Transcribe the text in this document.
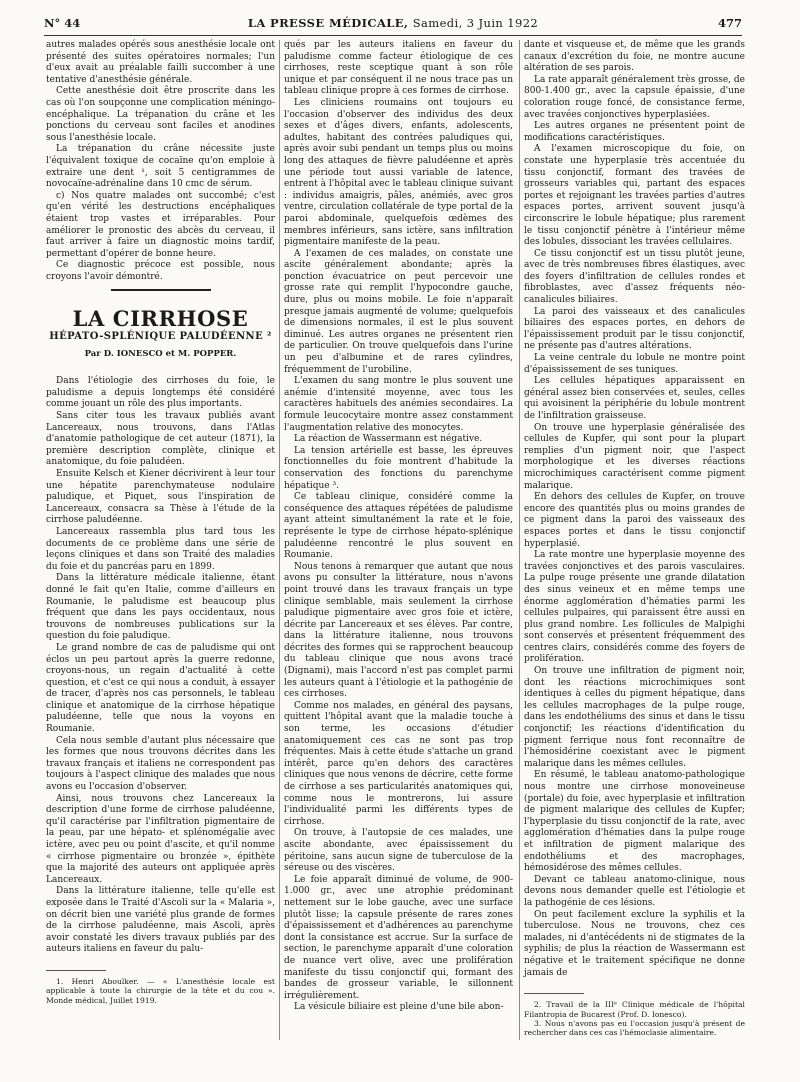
N° 44	LA PRESSE MÉDICALE, Samedi, 3 Juin 1922	477

autres malades opérés sous anesthésie locale ont présenté des suites opératoires normales; l'un d'eux avait au préalable failli succomber à une tentative d'anesthésie générale.

Cette anesthésie doit être proscrite dans les cas où l'on soupçonne une complication méningo-encéphalique. La trépanation du crâne et les ponctions du cerveau sont faciles et anodines sous l'anesthésie locale.

La trépanation du crâne nécessite juste l'équivalent toxique de cocaïne qu'on emploie à extraire une dent ¹, soit 5 centigrammes de novocaïne-adrénaline dans 10 cmc de sérum.

c) Nos quatre malades ont succombé; c'est qu'en vérité les destructions encéphaliques étaient trop vastes et irréparables. Pour améliorer le pronostic des abcès du cerveau, il faut arriver à faire un diagnostic moins tardif, permettant d'opérer de bonne heure.

Ce diagnostic précoce est possible, nous croyons l'avoir démontré.

LA CIRRHOSE

HÉPATO-SPLÉNIQUE PALUDÉENNE ²

Par D. IONESCO et M. POPPER.

Dans l'étiologie des cirrhoses du foie, le paludisme a depuis longtemps été considéré comme jouant un rôle des plus importants.

Sans citer tous les travaux publiés avant Lancereaux, nous trouvons, dans l'Atlas d'anatomie pathologique de cet auteur (1871), la première description complète, clinique et anatomique, du foie paludéen.

Ensuite Kelsch et Kiener décrivirent à leur tour une hépatite parenchymateuse nodulaire paludique, et Piquet, sous l'inspiration de Lancereaux, consacra sa Thèse à l'étude de la cirrhose paludéenne.

Lancereaux rassembla plus tard tous les documents de ce problème dans une série de leçons cliniques et dans son Traité des maladies du foie et du pancréas paru en 1899.

Dans la littérature médicale italienne, étant donné le fait qu'en Italie, comme d'ailleurs en Roumanie, le paludisme est beaucoup plus fréquent que dans les pays occidentaux, nous trouvons de nombreuses publications sur la question du foie paludique.

Le grand nombre de cas de paludisme qui ont éclos un peu partout après la guerre redonne, croyons-nous, un regain d'actualité à cette question, et c'est ce qui nous a conduit, à essayer de tracer, d'après nos cas personnels, le tableau clinique et anatomique de la cirrhose hépatique paludéenne, telle que nous la voyons en Roumanie.

Cela nous semble d'autant plus nécessaire que les formes que nous trouvons décrites dans les travaux français et italiens ne correspondent pas toujours à l'aspect clinique des malades que nous avons eu l'occasion d'observer.

Ainsi, nous trouvons chez Lancereaux la description d'une forme de cirrhose paludéenne, qu'il caractérise par l'infiltration pigmentaire de la peau, par une hépato- et splénomégalie avec ictère, avec peu ou point d'ascite, et qu'il nomme « cirrhose pigmentaire ou bronzée », épithète que la majorité des auteurs ont appliquée après Lancereaux.

Dans la littérature italienne, telle qu'elle est exposée dans le Traité d'Ascoli sur la « Malaria », on décrit bien une variété plus grande de formes de la cirrhose paludéenne, mais Ascoli, après avoir constaté les divers travaux publiés par des auteurs italiens en faveur du palu-

1. Henri Aboulker. — « L'anesthésie locale est applicable à toute la chirurgie de la tête et du cou ». Monde médical, Juillet 1919.

qués par les auteurs italiens en faveur du paludisme comme facteur étiologique de ces cirrhoses, reste sceptique quant à son rôle unique et par conséquent il ne nous trace pas un tableau clinique propre à ces formes de cirrhose.

Les cliniciens roumains ont toujours eu l'occasion d'observer des individus des deux sexes et d'âges divers, enfants, adolescents, adultes, habitant des contrées paludiques qui, après avoir subi pendant un temps plus ou moins long des attaques de fièvre paludéenne et après une période tout aussi variable de latence, entrent à l'hôpital avec le tableau clinique suivant : individus amaigris, pâles, anémiés, avec gros ventre, circulation collatérale de type portal de la paroi abdominale, quelquefois œdèmes des membres inférieurs, sans ictère, sans infiltration pigmentaire manifeste de la peau.

A l'examen de ces malades, on constate une ascite généralement abondante; après la ponction évacuatrice on peut percevoir une grosse rate qui remplit l'hypocondre gauche, dure, plus ou moins mobile. Le foie n'apparaît presque jamais augmenté de volume; quelquefois de dimensions normales, il est le plus souvent diminué. Les autres organes ne présentent rien de particulier. On trouve quelquefois dans l'urine un peu d'albumine et de rares cylindres, fréquemment de l'urobiline.

L'examen du sang montre le plus souvent une anémie d'intensité moyenne, avec tous les caractères habituels des anémies secondaires. La formule leucocytaire montre assez constamment l'augmentation relative des monocytes.

La réaction de Wassermann est négative.

La tension artérielle est basse, les épreuves fonctionnelles du foie montrent d'habitude la conservation des fonctions du parenchyme hépatique ³.

Ce tableau clinique, considéré comme la conséquence des attaques répétées de paludisme ayant atteint simultanément la rate et le foie, représente le type de cirrhose hépato-splénique paludéenne rencontré le plus souvent en Roumanie.

Nous tenons à remarquer que autant que nous avons pu consulter la littérature, nous n'avons point trouvé dans les travaux français un type clinique semblable, mais seulement la cirrhose paludique pigmentaire avec gros foie et ictère, décrite par Lancereaux et ses élèves. Par contre, dans la littérature italienne, nous trouvons décrites des formes qui se rapprochent beaucoup du tableau clinique que nous avons tracé (Dignami), mais l'accord n'est pas complet parmi les auteurs quant à l'étiologie et la pathogénie de ces cirrhoses.

Comme nos malades, en général des paysans, quittent l'hôpital avant que la maladie touche à son terme, les occasions d'étudier anatomiquement ces cas ne sont pas trop fréquentes. Mais à cette étude s'attache un grand intérêt, parce qu'en dehors des caractères cliniques que nous venons de décrire, cette forme de cirrhose a ses particularités anatomiques qui, comme nous le montrerons, lui assure l'individualité parmi les différents types de cirrhose.

On trouve, à l'autopsie de ces malades, une ascite abondante, avec épaississement du péritoine, sans aucun signe de tuberculose de la séreuse ou des viscères.

Le foie apparaît diminué de volume, de 900-1.000 gr., avec une atrophie prédominant nettement sur le lobe gauche, avec une surface plutôt lisse; la capsule présente de rares zones d'épaississement et d'adhérences au parenchyme dont la consistance est accrue. Sur la surface de section, le parenchyme apparaît d'une coloration de nuance vert olive, avec une prolifération manifeste du tissu conjonctif qui, formant des bandes de grosseur variable, le sillonnent irrégulièrement.

La vésicule biliaire est pleine d'une bile abon-

dante et visqueuse et, de même que les grands canaux d'excrétion du foie, ne montre aucune altération de ses parois.

La rate apparaît généralement très grosse, de 800-1.400 gr., avec la capsule épaissie, d'une coloration rouge foncé, de consistance ferme, avec travées conjonctives hyperplasiées.

Les autres organes ne présentent point de modifications caractéristiques.

A l'examen microscopique du foie, on constate une hyperplasie très accentuée du tissu conjonctif, formant des travées de grosseurs variables qui, partant des espaces portes et rejoignant les travées parties d'autres espaces portes, arrivent souvent jusqu'à circonscrire le lobule hépatique; plus rarement le tissu conjonctif pénètre à l'intérieur même des lobules, dissociant les travées cellulaires.

Ce tissu conjonctif est un tissu plutôt jeune, avec de très nombreuses fibres élastiques, avec des foyers d'infiltration de cellules rondes et fibroblastes, avec d'assez fréquents néo-canalicules biliaires.

La paroi des vaisseaux et des canalicules biliaires des espaces portes, en dehors de l'épaississement produit par le tissu conjonctif, ne présente pas d'autres altérations.

La veine centrale du lobule ne montre point d'épaississement de ses tuniques.

Les cellules hépatiques apparaissent en général assez bien conservées et, seules, celles qui avoisinent la périphérie du lobule montrent de l'infiltration graisseuse.

On trouve une hyperplasie généralisée des cellules de Kupfer, qui sont pour la plupart remplies d'un pigment noir, que l'aspect morphologique et les diverses réactions microchimiques caractérisent comme pigment malarique.

En dehors des cellules de Kupfer, on trouve encore des quantités plus ou moins grandes de ce pigment dans la paroi des vaisseaux des espaces portes et dans le tissu conjonctif hyperplasié.

La rate montre une hyperplasie moyenne des travées conjonctives et des parois vasculaires. La pulpe rouge présente une grande dilatation des sinus veineux et en même temps une énorme agglomération d'hématies parmi les cellules pulpaires, qui paraissent être aussi en plus grand nombre. Les follicules de Malpighi sont conservés et présentent fréquemment des centres clairs, considérés comme des foyers de prolifération.

On trouve une infiltration de pigment noir, dont les réactions microchimiques sont identiques à celles du pigment hépatique, dans les cellules macrophages de la pulpe rouge, dans les endothéliums des sinus et dans le tissu conjonctif; les réactions d'identification du pigment ferrique nous font reconnaître de l'hémosidérine coexistant avec le pigment malarique dans les mêmes cellules.

En résumé, le tableau anatomo-pathologique nous montre une cirrhose monoveineuse (portale) du foie, avec hyperplasie et infiltration de pigment malarique des cellules de Kupfer; l'hyperplasie du tissu conjonctif de la rate, avec agglomération d'hématies dans la pulpe rouge et infiltration de pigment malarique des endothéliums et des macrophages, hémosidérose des mêmes cellules.

Devant ce tableau anatomo-clinique, nous devons nous demander quelle est l'étiologie et la pathogénie de ces lésions.

On peut facilement exclure la syphilis et la tuberculose. Nous ne trouvons, chez ces malades, ni d'antécédents ni de stigmates de la syphilis; de plus la réaction de Wassermann est négative et le traitement spécifique ne donne jamais de

2. Travail de la IIIᵉ Clinique médicale de l'hôpital Filantropia de Bucarest (Prof. D. Ionesco).

3. Nous n'avons pas eu l'occasion jusqu'à présent de rechercher dans ces cas l'hémoclasie alimentaire.
